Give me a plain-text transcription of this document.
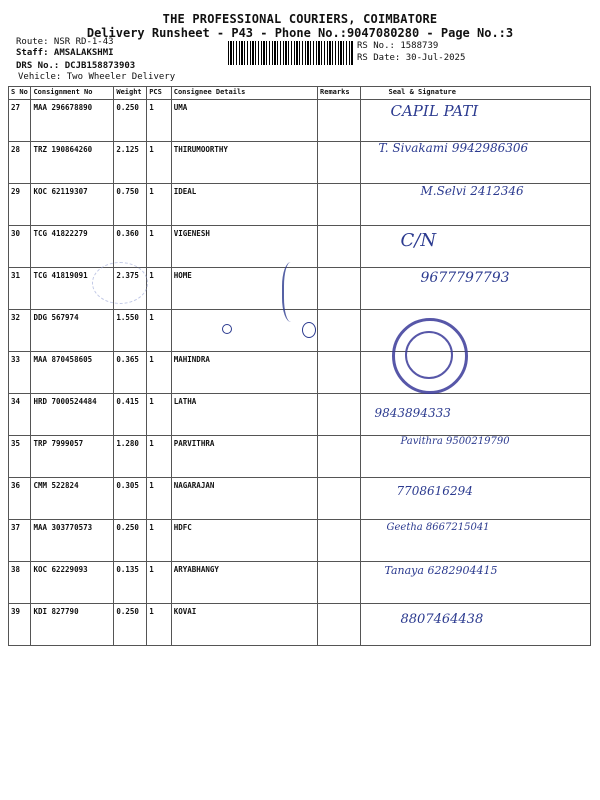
THE PROFESSIONAL COURIERS, COIMBATORE
Delivery Runsheet - P43 - Phone No.:9047080280 - Page No.:3
Route: NSR RD-1-43
Staff: AMSALAKSHMI
DRS No.: DCJB158873903
Vehicle: Two Wheeler Delivery
RS No.: 1588739
RS Date: 30-Jul-2025
S No	Consignment No	Weight	PCS	Consignee Details	Remarks	Seal & Signature
27	MAA 296678890	0.250	1	UMA		CAPIL PATI

28	TRZ 190864260	2.125	1	THIRUMOORTHY		T. Sivakami 9942986306

29	KOC 62119307	0.750	1	IDEAL		M.Selvi 2412346

30	TCG 41822279	0.360	1	VIGENESH		C/N

31	TCG 41819091	2.375	1	HOME		9677797793

32	DDG 567974	1.550	1			

33	MAA 870458605	0.365	1	MAHINDRA		

34	HRD 7000524484	0.415	1	LATHA		9843894333

35	TRP 7999057	1.280	1	PARVITHRA		Pavithra 9500219790

36	CMM 522824	0.305	1	NAGARAJAN		7708616294

37	MAA 303770573	0.250	1	HDFC		Geetha 8667215041

38	KOC 62229093	0.135	1	ARYABHANGY		Tanaya 6282904415

39	KDI 827790	0.250	1	KOVAI		8807464438
